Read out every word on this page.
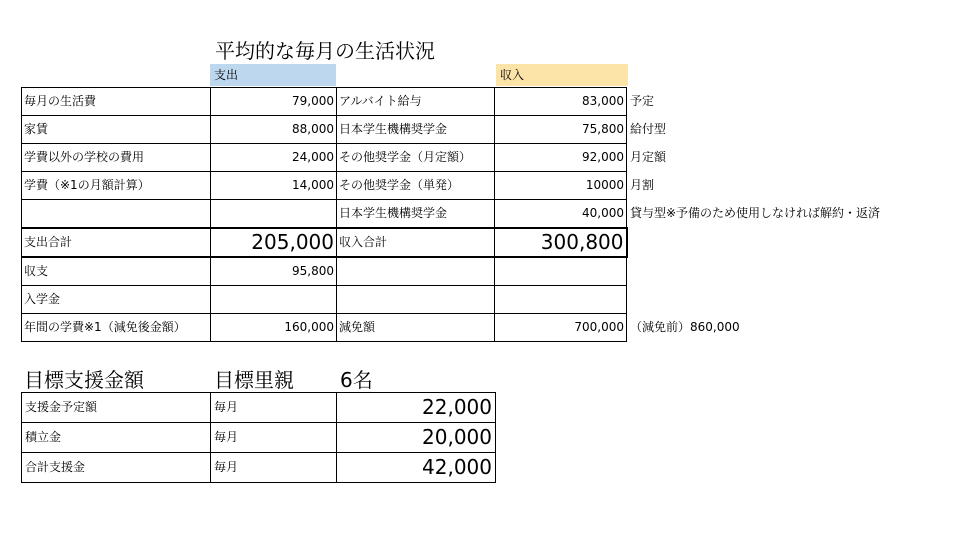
平均的な毎月の生活状況
支出	収入
毎月の生活費	79,000	アルバイト給与	83,000	予定
家賃	88,000	日本学生機構奨学金	75,800	給付型
学費以外の学校の費用	24,000	その他奨学金（月定額）	92,000	月定額
学費（※1の月額計算）	14,000	その他奨学金（単発）	10000	月割
		日本学生機構奨学金	40,000	貸与型※予備のため使用しなければ解約・返済
支出合計	205,000	収入合計	300,800	
収支	95,800			
入学金				
年間の学費※1（減免後金額）	160,000	減免額	700,000	（減免前）860,000
目標支援金額	目標里親 6名
支援金予定額	毎月	22,000
積立金	毎月	20,000
合計支援金	毎月	42,000
